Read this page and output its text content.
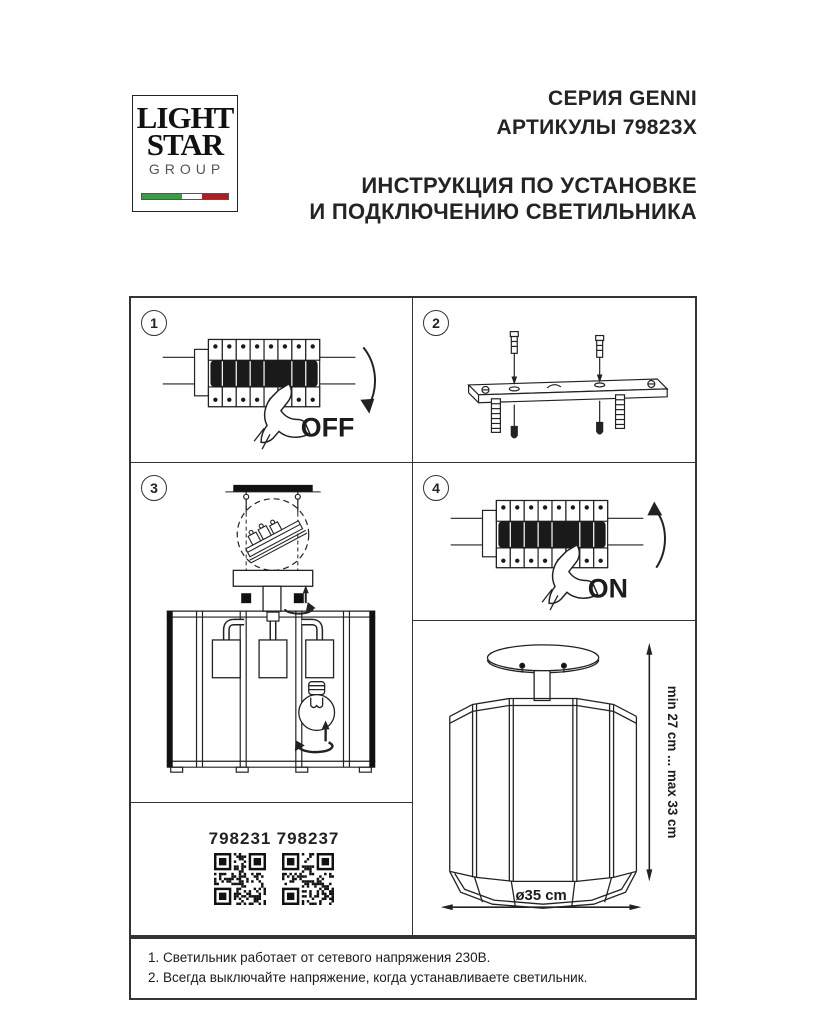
LIGHT
STAR
GROUP
СЕРИЯ GENNI
АРТИКУЛЫ 79823X
ИНСТРУКЦИЯ ПО УСТАНОВКЕ
И ПОДКЛЮЧЕНИЮ СВЕТИЛЬНИКА
1
OFF
2
3
798231 798237
4
ON
min 27 cm ... max 33 cm
ø35 cm

1. Светильник работает от сетевого напряжения 230В.

2. Всегда выключайте напряжение, когда устанавливаете светильник.
